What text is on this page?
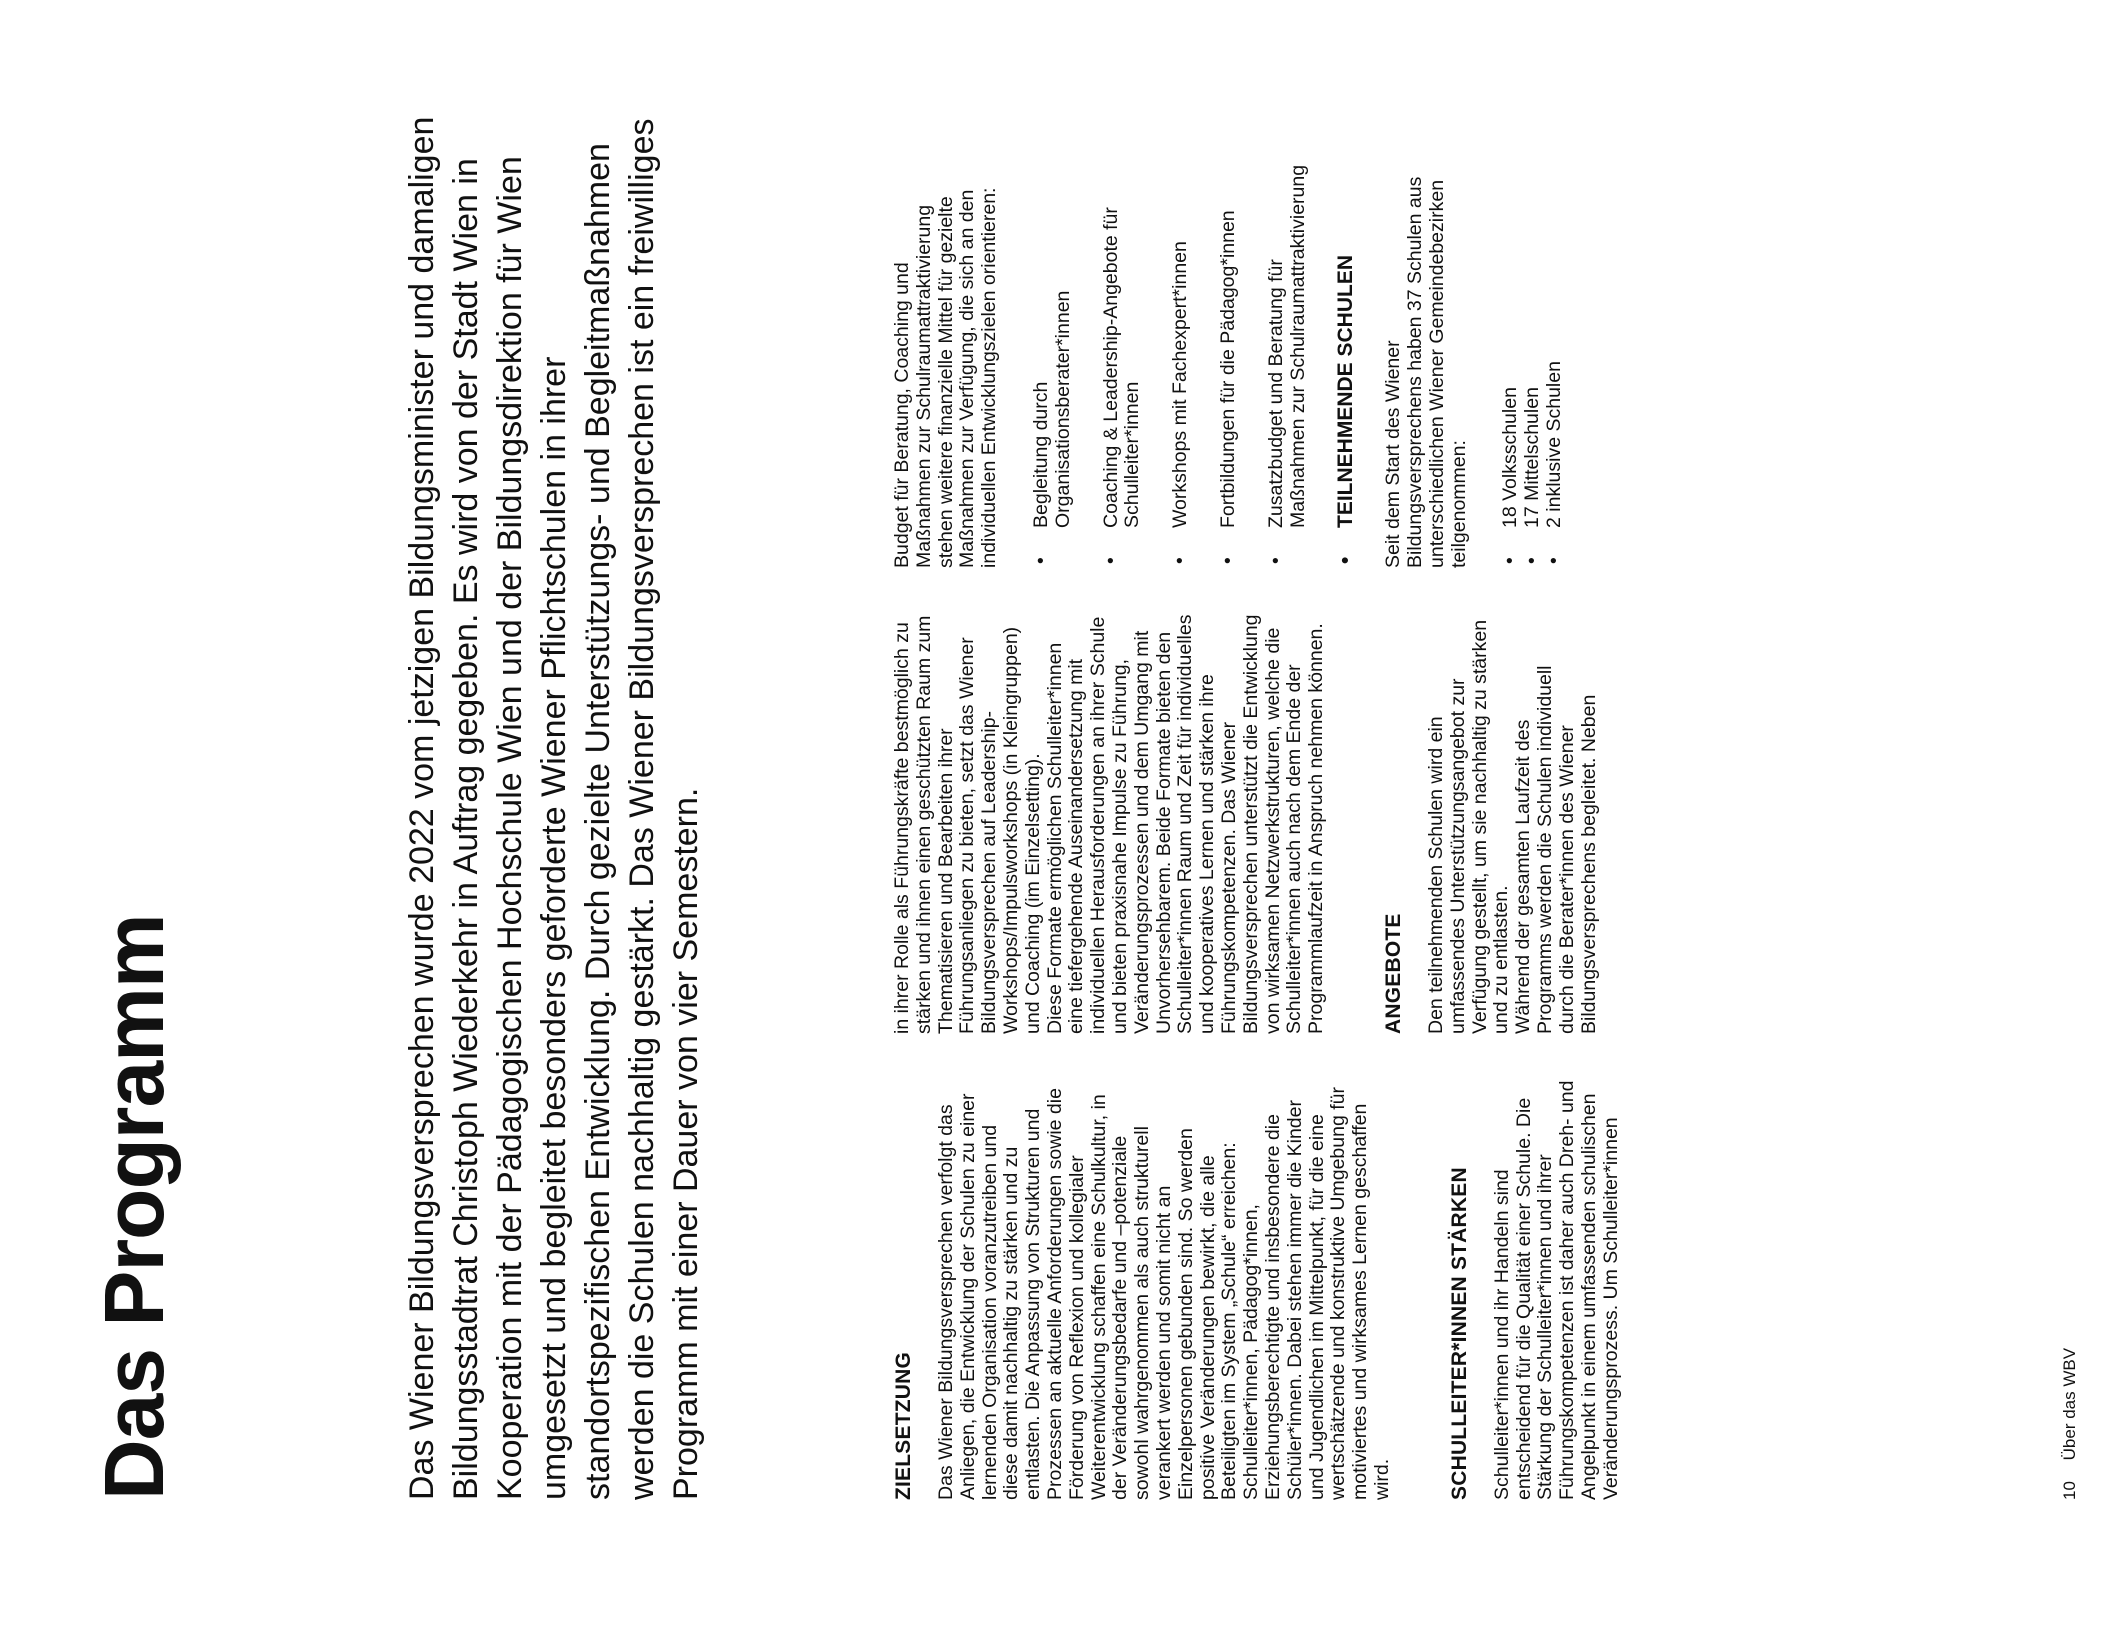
Das Programm	Das Wiener Bildungsversprechen wurde 2022 vom jetzigen Bildungsminister und damaligen Bildungsstadtrat Christoph Wiederkehr in Auftrag gegeben. Es wird von der Stadt Wien in Kooperation mit der Pädagogischen Hochschule Wien und der Bildungsdirektion für Wien umgesetzt und begleitet besonders geforderte Wiener Pflichtschulen in ihrer standortspezifischen Entwicklung. Durch gezielte Unterstützungs- und Begleitmaßnahmen werden die Schulen nachhaltig gestärkt. Das Wiener Bildungsversprechen ist ein freiwilliges Programm mit einer Dauer von vier Semestern.	ZIELSETZUNG Das Wiener Bildungsversprechen verfolgt das Anliegen, die Entwicklung der Schulen zu einer lernenden Organisation voranzutreiben und diese damit nachhaltig zu stärken und zu entlasten. Die Anpassung von Strukturen und Prozessen an aktuelle Anforderungen sowie die Förderung von Reflexion und kollegialer Weiterentwicklung schaffen eine Schulkultur, in der Veränderungsbedarfe und –potenziale sowohl wahrgenommen als auch strukturell verankert werden und somit nicht an Einzelpersonen gebunden sind. So werden positive Veränderungen bewirkt, die alle Beteiligten im System „Schule“ erreichen: Schulleiter*innen, Pädagog*innen, Erziehungsberechtigte und insbesondere die Schüler*innen. Dabei stehen immer die Kinder und Jugendlichen im Mittelpunkt, für die eine wertschätzende und konstruktive Umgebung für motiviertes und wirksames Lernen geschaffen wird.	SCHULLEITER*INNEN STÄRKEN Schulleiter*innen und ihr Handeln sind entscheidend für die Qualität einer Schule. Die Stärkung der Schulleiter*innen und ihrer Führungskompetenzen ist daher auch Dreh- und Angelpunkt in einem umfassenden schulischen Veränderungsprozess. Um Schulleiter*innen

in ihrer Rolle als Führungskräfte bestmöglich zu stärken und ihnen einen geschützten Raum zum Thematisieren und Bearbeiten ihrer Führungsanliegen zu bieten, setzt das Wiener Bildungsversprechen auf Leadership-Workshops/Impulsworkshops (in Kleingruppen) und Coaching (im Einzelsetting). Diese Formate ermöglichen Schulleiter*innen eine tiefergehende Auseinandersetzung mit individuellen Herausforderungen an ihrer Schule und bieten praxisnahe Impulse zu Führung, Veränderungsprozessen und dem Umgang mit Unvorhersehbarem. Beide Formate bieten den Schulleiter*innen Raum und Zeit für individuelles und kooperatives Lernen und stärken ihre Führungskompetenzen. Das Wiener Bildungsversprechen unterstützt die Entwicklung von wirksamen Netzwerkstrukturen, welche die Schulleiter*innen auch nach dem Ende der Programmlaufzeit in Anspruch nehmen können.	ANGEBOTE Den teilnehmenden Schulen wird ein umfassendes Unterstützungsangebot zur Verfügung gestellt, um sie nachhaltig zu stärken und zu entlasten. Während der gesamten Laufzeit des Programms werden die Schulen individuell durch die Berater*innen des Wiener Bildungsversprechens begleitet. Neben

Budget für Beratung, Coaching und Maßnahmen zur Schulraumattraktivierung stehen weitere finanzielle Mittel für gezielte Maßnahmen zur Verfügung, die sich an den individuellen Entwicklungszielen orientieren: • Begleitung durch Organisationsberater*innen • Coaching & Leadership-Angebote für Schulleiter*innen • Workshops mit Fachexpert*innen • Fortbildungen für die Pädagog*innen • Zusatzbudget und Beratung für Maßnahmen zur Schulraumattraktivierung • TEILNEHMENDE SCHULEN Seit dem Start des Wiener Bildungsversprechens haben 37 Schulen aus unterschiedlichen Wiener Gemeindebezirken teilgenommen: • 18 Volksschulen • 17 Mittelschulen • 2 inklusive Schulen
10 Über das WBV
